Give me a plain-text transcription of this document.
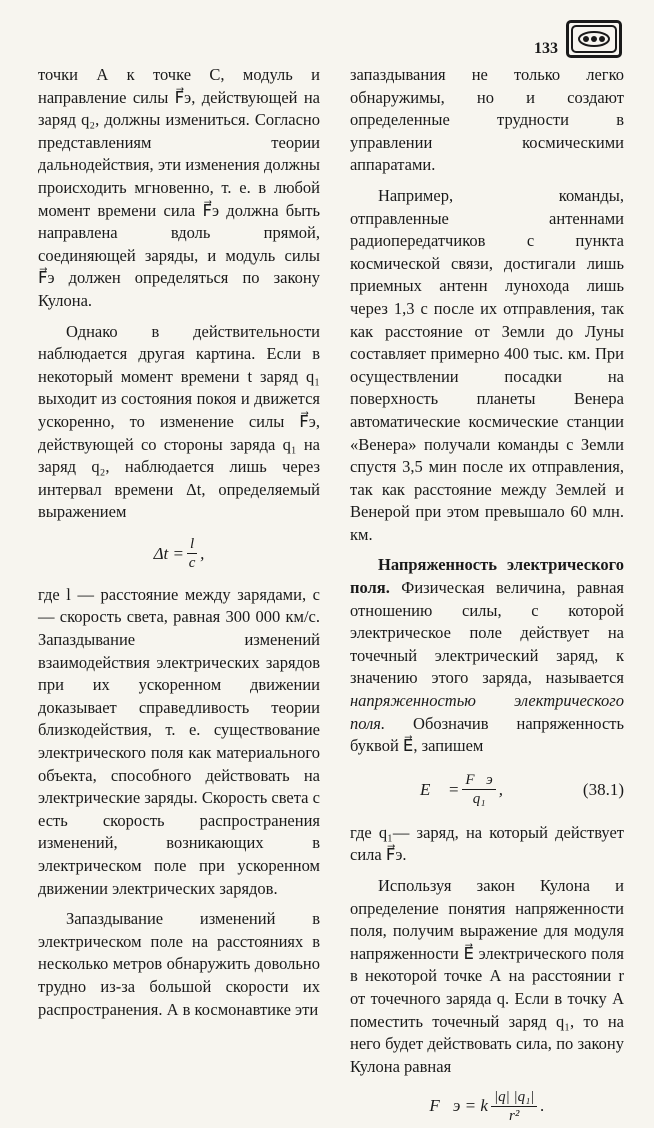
133

точки А к точке С, модуль и направление силы F⃗э, действующей на заряд q₂, должны измениться. Согласно представлениям теории дальнодействия, эти изменения должны происходить мгновенно, т. е. в любой момент времени сила F⃗э должна быть направлена вдоль прямой, соединяющей заряды, и модуль силы F⃗э должен определяться по закону Кулона.

Однако в действительности наблюдается другая картина. Если в некоторый момент времени t заряд q₁ выходит из состояния покоя и движется ускоренно, то изменение силы F⃗э, действующей со стороны заряда q₁ на заряд q₂, наблюдается лишь через интервал времени Δt, определяемый выражением

$\Delta t = \frac{l}{c}$ ,

где l — расстояние между зарядами, c — скорость света, равная 300 000 км/с. Запаздывание изменений взаимодействия электрических зарядов при их ускоренном движении доказывает справедливость теории близкодействия, т. е. существование электрического поля как материального объекта, способного действовать на электрические заряды. Скорость света с есть скорость распространения изменений, возникающих в электрическом поле при ускоренном движении электрических зарядов.

Запаздывание изменений в электрическом поле на расстояниях в несколько метров обнаружить довольно трудно из-за большой скорости их распространения. А в космонавтике эти

запаздывания не только легко обнаружимы, но и создают определенные трудности в управлении космическими аппаратами.

Например, команды, отправленные антеннами радиопередатчиков с пункта космической связи, достигали лишь приемных антенн лунохода лишь через 1,3 с после их отправления, так как расстояние от Земли до Луны составляет примерно 400 тыс. км. При осуществлении посадки на поверхность планеты Венера автоматические космические станции «Венера» получали команды с Земли спустя 3,5 мин после их отправления, так как расстояние между Землей и Венерой при этом превышало 60 млн. км.

Напряженность электрического поля. Физическая величина, равная отношению силы, с которой электрическое поле действует на точечный электрический заряд, к значению этого заряда, называется напряженностью электрического поля. Обозначив напряженность буквой E⃗, запишем

E⃗ = $\frac{F⃗э}{\text{q₁}}$ ,	(38.1)

где q₁— заряд, на который действует сила F⃗э.

Используя закон Кулона и определение понятия напряженности поля, получим выражение для модуля напряженности E⃗ электрического поля в некоторой точке А на расстоянии r от точечного заряда q. Если в точку А поместить точечный заряд q₁, то на него будет действовать сила, по закону Кулона равная

F⃗э = k $\frac{\text{|q| |q₁|}}{\text{r²}}$ .
